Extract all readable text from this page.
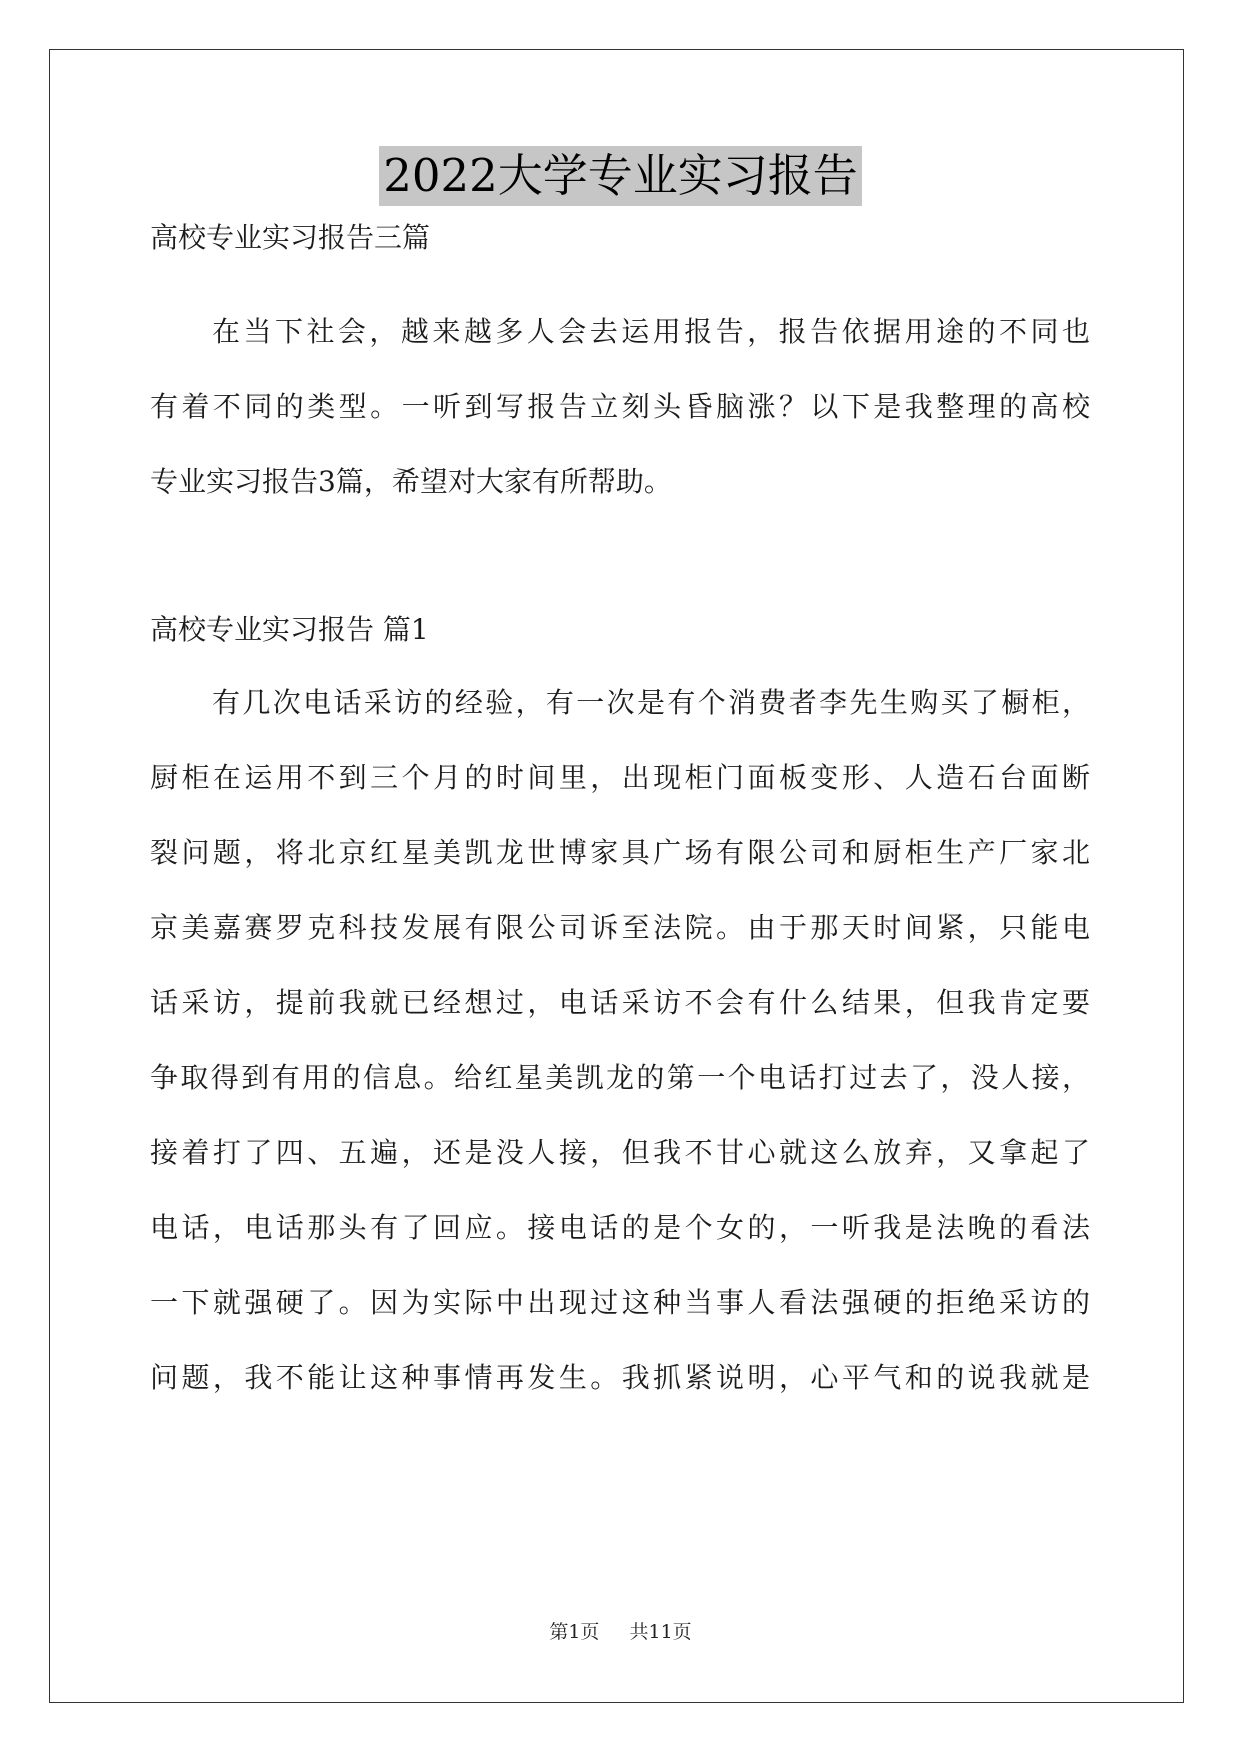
2022大学专业实习报告
高校专业实习报告三篇
在当下社会，越来越多人会去运用报告，报告依据用途的不同也
有着不同的类型。一听到写报告立刻头昏脑涨？以下是我整理的高校
专业实习报告3篇，希望对大家有所帮助。
高校专业实习报告 篇1
有几次电话采访的经验，有一次是有个消费者李先生购买了橱柜，
厨柜在运用不到三个月的时间里，出现柜门面板变形、人造石台面断
裂问题，将北京红星美凯龙世博家具广场有限公司和厨柜生产厂家北
京美嘉赛罗克科技发展有限公司诉至法院。由于那天时间紧，只能电
话采访，提前我就已经想过，电话采访不会有什么结果，但我肯定要
争取得到有用的信息。给红星美凯龙的第一个电话打过去了，没人接，
接着打了四、五遍，还是没人接，但我不甘心就这么放弃，又拿起了
电话，电话那头有了回应。接电话的是个女的，一听我是法晚的看法
一下就强硬了。因为实际中出现过这种当事人看法强硬的拒绝采访的
问题，我不能让这种事情再发生。我抓紧说明，心平气和的说我就是
第1页 共11页
